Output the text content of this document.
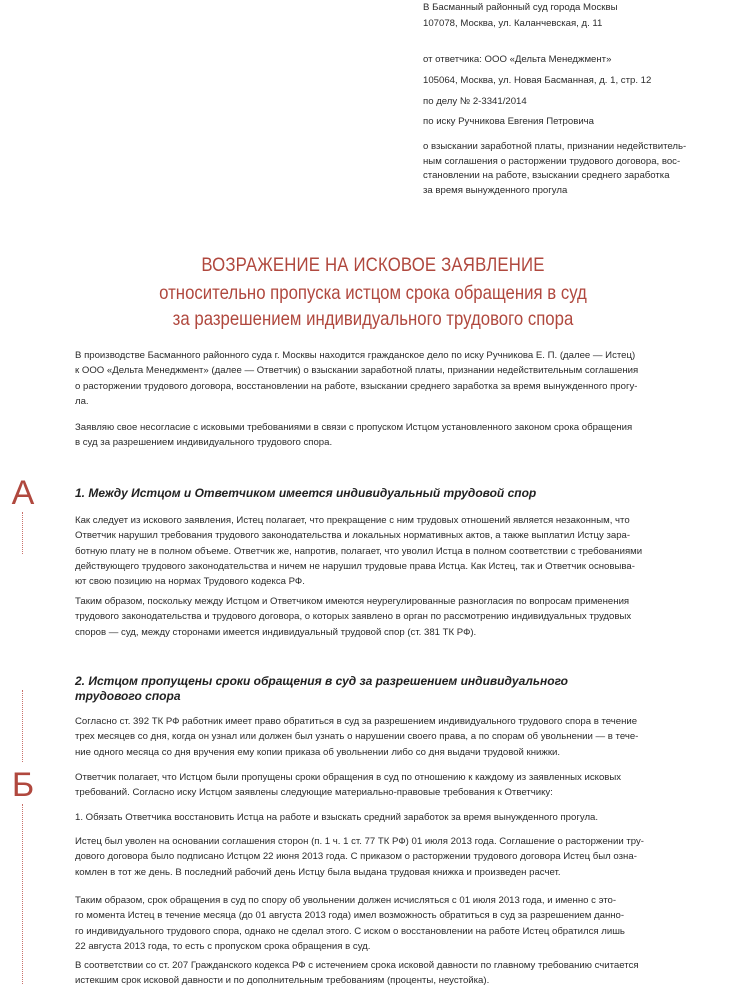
В Басманный районный суд города Москвы
107078, Москва, ул. Каланчевская, д. 11
от ответчика: ООО «Дельта Менеджмент»
105064, Москва, ул. Новая Басманная, д. 1, стр. 12
по делу № 2-3341/2014
по иску Ручникова Евгения Петровича
о взыскании заработной платы, признании недействитель-
ным соглашения о расторжении трудового договора, вос-
становлении на работе, взыскании среднего заработка
за время вынужденного прогула
ВОЗРАЖЕНИЕ НА ИСКОВОЕ ЗАЯВЛЕНИЕ
относительно пропуска истцом срока обращения в суд
за разрешением индивидуального трудового спора
В производстве Басманного районного суда г. Москвы находится гражданское дело по иску Ручникова Е. П. (далее — Истец)
к ООО «Дельта Менеджмент» (далее — Ответчик) о взыскании заработной платы, признании недействительным соглашения
о расторжении трудового договора, восстановлении на работе, взыскании среднего заработка за время вынужденного прогу-
ла.
Заявляю свое несогласие с исковыми требованиями в связи с пропуском Истцом установленного законом срока обращения
в суд за разрешением индивидуального трудового спора.
А	1. Между Истцом и Ответчиком имеется индивидуальный трудовой спор
Как следует из искового заявления, Истец полагает, что прекращение с ним трудовых отношений является незаконным, что
Ответчик нарушил требования трудового законодательства и локальных нормативных актов, а также выплатил Истцу зара-
ботную плату не в полном объеме. Ответчик же, напротив, полагает, что уволил Истца в полном соответствии с требованиями
действующего трудового законодательства и ничем не нарушил трудовые права Истца. Как Истец, так и Ответчик основыва-
ют свою позицию на нормах Трудового кодекса РФ.
Таким образом, поскольку между Истцом и Ответчиком имеются неурегулированные разногласия по вопросам применения
трудового законодательства и трудового договора, о которых заявлено в орган по рассмотрению индивидуальных трудовых
споров — суд, между сторонами имеется индивидуальный трудовой спор (ст. 381 ТК РФ).
2. Истцом пропущены сроки обращения в суд за разрешением индивидуального
трудового спора
Согласно ст. 392 ТК РФ работник имеет право обратиться в суд за разрешением индивидуального трудового спора в течение
трех месяцев со дня, когда он узнал или должен был узнать о нарушении своего права, а по спорам об увольнении — в тече-
ние одного месяца со дня вручения ему копии приказа об увольнении либо со дня выдачи трудовой книжки.
Б	Ответчик полагает, что Истцом были пропущены сроки обращения в суд по отношению к каждому из заявленных исковых
требований. Согласно иску Истцом заявлены следующие материально-правовые требования к Ответчику:
1. Обязать Ответчика восстановить Истца на работе и взыскать средний заработок за время вынужденного прогула.
Истец был уволен на основании соглашения сторон (п. 1 ч. 1 ст. 77 ТК РФ) 01 июля 2013 года. Соглашение о расторжении тру-
дового договора было подписано Истцом 22 июня 2013 года. С приказом о расторжении трудового договора Истец был озна-
комлен в тот же день. В последний рабочий день Истцу была выдана трудовая книжка и произведен расчет.
Таким образом, срок обращения в суд по спору об увольнении должен исчисляться с 01 июля 2013 года, и именно с это-
го момента Истец в течение месяца (до 01 августа 2013 года) имел возможность обратиться в суд за разрешением данно-
го индивидуального трудового спора, однако не сделал этого. С иском о восстановлении на работе Истец обратился лишь
22 августа 2013 года, то есть с пропуском срока обращения в суд.
В соответствии со ст. 207 Гражданского кодекса РФ с истечением срока исковой давности по главному требованию считается
истекшим срок исковой давности и по дополнительным требованиям (проценты, неустойка).
